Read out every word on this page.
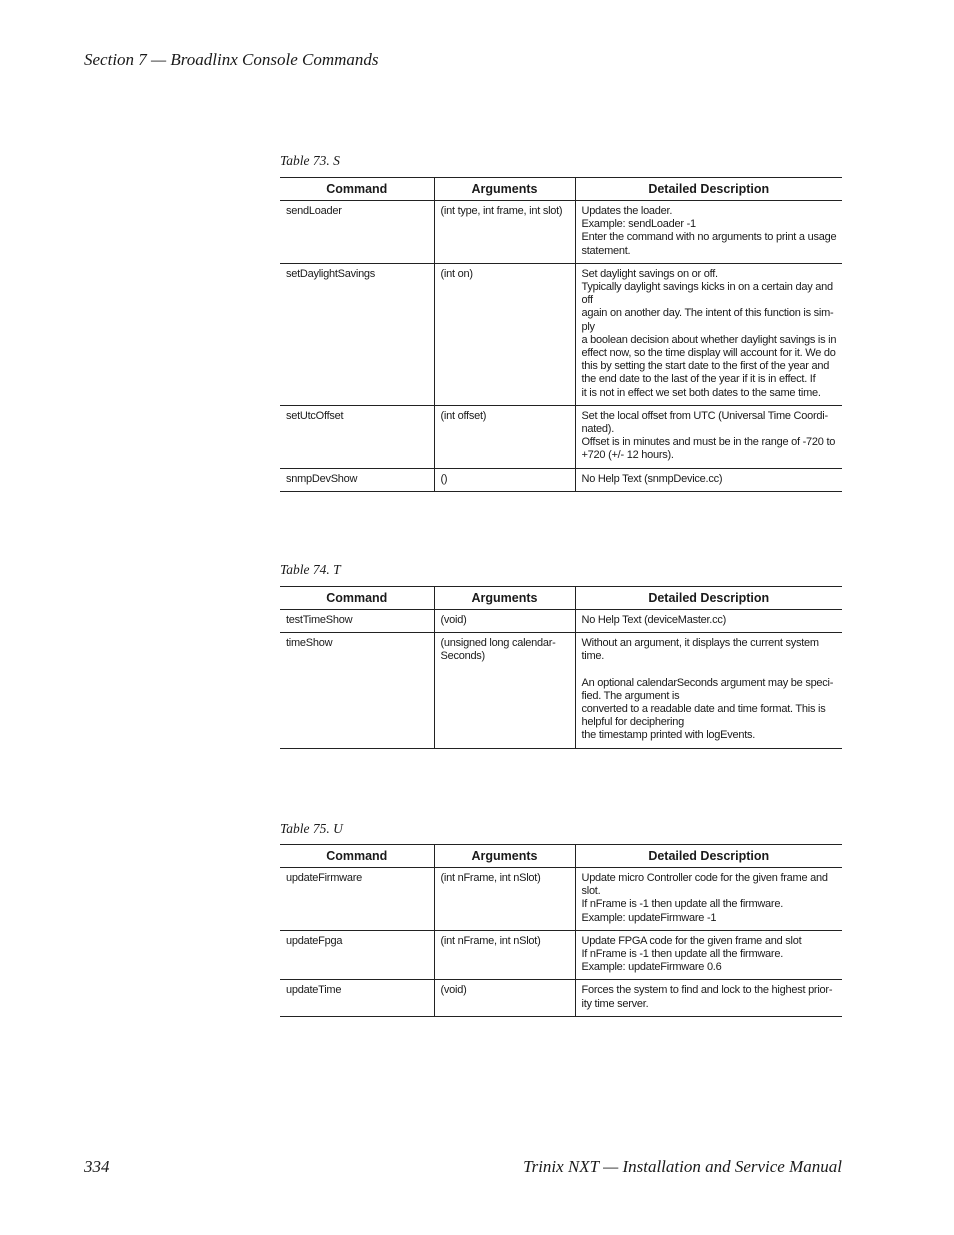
Section 7 — Broadlinx Console Commands
Table 73. S
Command	Arguments	Detailed Description
sendLoader	(int type, int frame, int slot)	Updates the loader.
Example: sendLoader -1
Enter the command with no arguments to print a usage statement.

setDaylightSavings	(int on)	Set daylight savings on or off.
Typically daylight savings kicks in on a certain day and off
again on another day. The intent of this function is sim-ply
a boolean decision about whether daylight savings is in effect now, so the time display will account for it. We do this by setting the start date to the first of the year and the end date to the last of the year if it is in effect. If
it is not in effect we set both dates to the same time.

setUtcOffset	(int offset)	Set the local offset from UTC (Universal Time Coordi-nated).
Offset is in minutes and must be in the range of -720 to +720 (+/- 12 hours).

snmpDevShow	()	No Help Text (snmpDevice.cc)
Table 74. T
Command	Arguments	Detailed Description
testTimeShow	(void)	No Help Text (deviceMaster.cc)

timeShow	(unsigned long calendar-Seconds)	Without an argument, it displays the current system time.
An optional calendarSeconds argument may be speci-fied. The argument is
converted to a readable date and time format. This is helpful for deciphering
the timestamp printed with logEvents.
Table 75. U
Command	Arguments	Detailed Description
updateFirmware	(int nFrame, int nSlot)	Update micro Controller code for the given frame and slot.
If nFrame is -1 then update all the firmware.
Example: updateFirmware -1

updateFpga	(int nFrame, int nSlot)	Update FPGA code for the given frame and slot
If nFrame is -1 then update all the firmware.
Example: updateFirmware 0.6

updateTime	(void)	Forces the system to find and lock to the highest prior-ity time server.
334	Trinix NXT — Installation and Service Manual
